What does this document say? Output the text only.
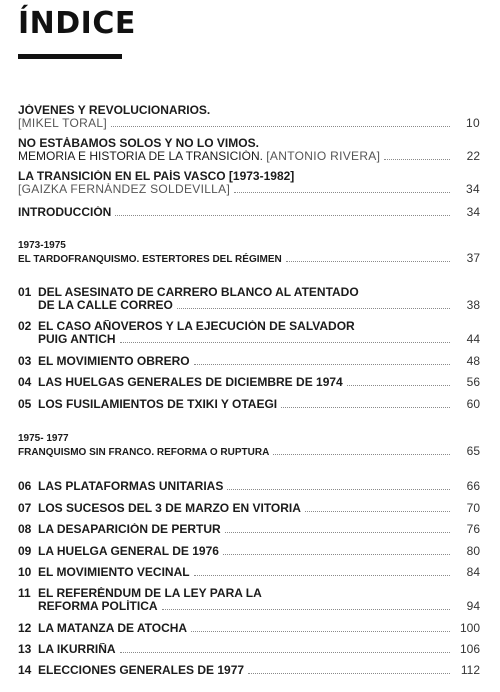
ÍNDICE
JÓVENES Y REVOLUCIONARIOS.
[MIKEL TORAL]	10
NO ESTÁBAMOS SOLOS Y NO LO VIMOS.
MEMORIA E HISTORIA DE LA TRANSICIÓN.
[ANTONIO RIVERA]	22
LA TRANSICIÓN EN EL PAÍS VASCO [1973-1982]
[GAIZKA FERNÁNDEZ SOLDEVILLA]	34
INTRODUCCIÓN	34
1973-1975
EL TARDOFRANQUISMO. ESTERTORES DEL RÉGIMEN	37
01 DEL ASESINATO DE CARRERO BLANCO AL ATENTADO
DE LA CALLE CORREO	38
02 EL CASO AÑOVEROS Y LA EJECUCIÓN DE SALVADOR
PUIG ANTICH	44
03 EL MOVIMIENTO OBRERO	48
04 LAS HUELGAS GENERALES DE DICIEMBRE DE 1974	56
05 LOS FUSILAMIENTOS DE TXIKI Y OTAEGI	60
1975- 1977
FRANQUISMO SIN FRANCO. REFORMA O RUPTURA	65
06 LAS PLATAFORMAS UNITARIAS	66
07 LOS SUCESOS DEL 3 DE MARZO EN VITORIA	70
08 LA DESAPARICIÓN DE PERTUR	76
09 LA HUELGA GENERAL DE 1976	80
10 EL MOVIMIENTO VECINAL	84
11 EL REFERÉNDUM DE LA LEY PARA LA
REFORMA POLÍTICA	94
12 LA MATANZA DE ATOCHA	100
13 LA IKURRIÑA	106
14 ELECCIONES GENERALES DE 1977	112
